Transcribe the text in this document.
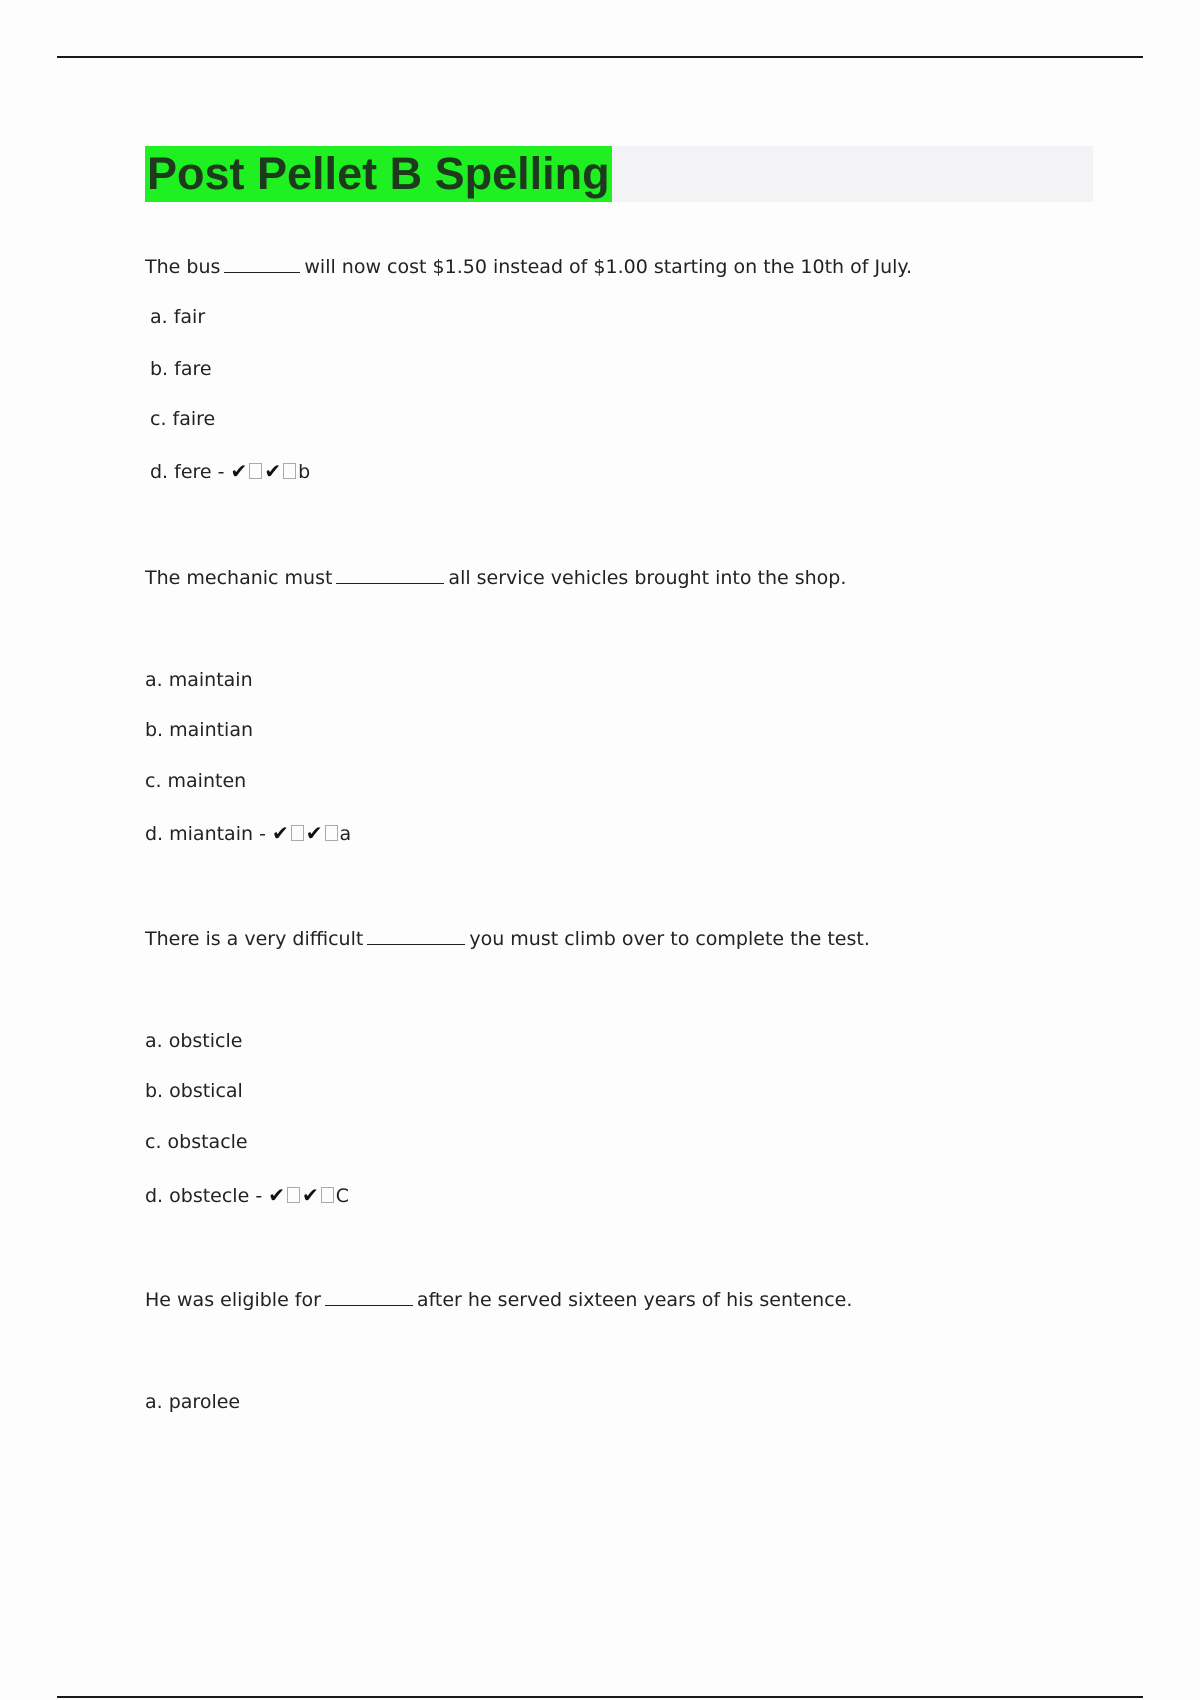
Post Pellet B Spelling
The bus	will now cost $1.50 instead of $1.00 starting on the 10th of July.
a. fair
b. fare
c. faire
d. fere - ✔ ✔ b
The mechanic must	all service vehicles brought into the shop.
a. maintain
b. maintian
c. mainten
d. miantain - ✔ ✔ a
There is a very difficult	you must climb over to complete the test.
a. obsticle
b. obstical
c. obstacle
d. obstecle - ✔ ✔ C
He was eligible for	after he served sixteen years of his sentence.
a. parolee
